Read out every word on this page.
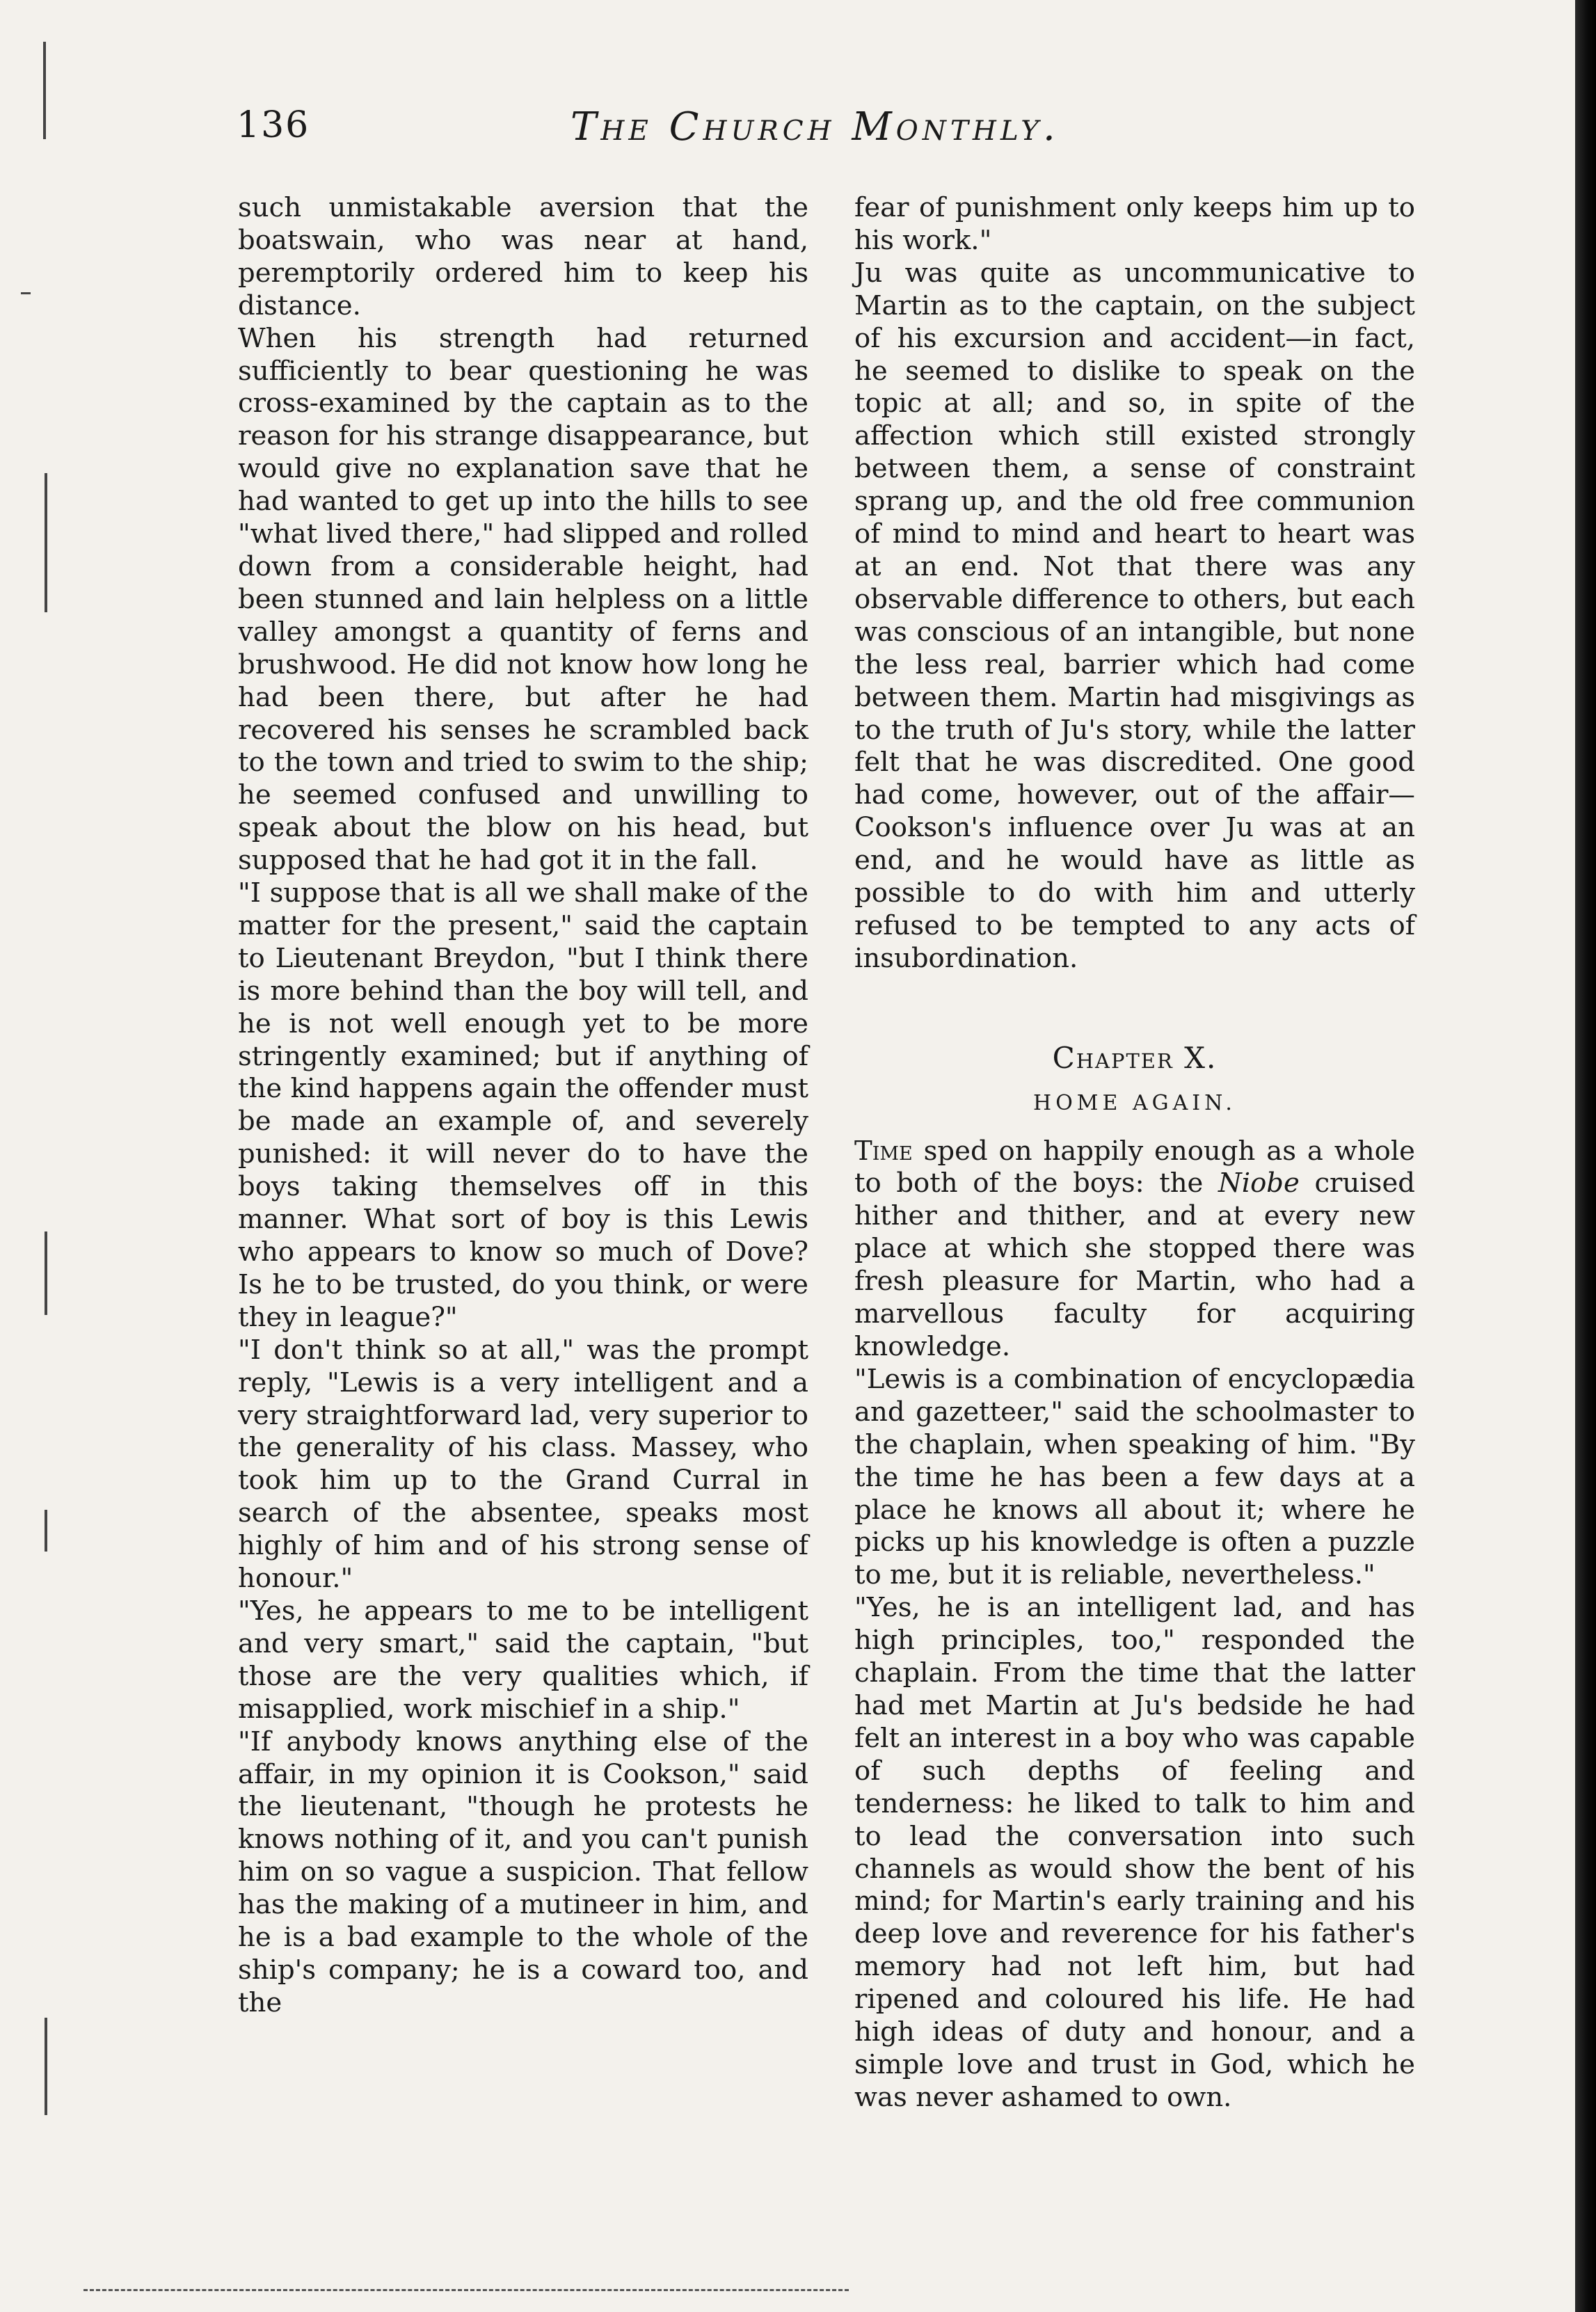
136	The Church Monthly.

such unmistakable aversion that the boatswain, who was near at hand, peremptorily ordered him to keep his distance.

When his strength had returned sufficiently to bear questioning he was cross-examined by the captain as to the reason for his strange disappearance, but would give no explanation save that he had wanted to get up into the hills to see "what lived there," had slipped and rolled down from a considerable height, had been stunned and lain helpless on a little valley amongst a quantity of ferns and brushwood. He did not know how long he had been there, but after he had recovered his senses he scrambled back to the town and tried to swim to the ship; he seemed confused and unwilling to speak about the blow on his head, but supposed that he had got it in the fall.

"I suppose that is all we shall make of the matter for the present," said the captain to Lieutenant Breydon, "but I think there is more behind than the boy will tell, and he is not well enough yet to be more stringently examined; but if anything of the kind happens again the offender must be made an example of, and severely punished: it will never do to have the boys taking themselves off in this manner. What sort of boy is this Lewis who appears to know so much of Dove? Is he to be trusted, do you think, or were they in league?"

"I don't think so at all," was the prompt reply, "Lewis is a very intelligent and a very straightforward lad, very superior to the generality of his class. Massey, who took him up to the Grand Curral in search of the absentee, speaks most highly of him and of his strong sense of honour."

"Yes, he appears to me to be intelligent and very smart," said the captain, "but those are the very qualities which, if misapplied, work mischief in a ship."

"If anybody knows anything else of the affair, in my opinion it is Cookson," said the lieutenant, "though he protests he knows nothing of it, and you can't punish him on so vague a suspicion. That fellow has the making of a mutineer in him, and he is a bad example to the whole of the ship's company; he is a coward too, and the

fear of punishment only keeps him up to his work."

Ju was quite as uncommunicative to Martin as to the captain, on the subject of his excursion and accident—in fact, he seemed to dislike to speak on the topic at all; and so, in spite of the affection which still existed strongly between them, a sense of constraint sprang up, and the old free communion of mind to mind and heart to heart was at an end. Not that there was any observable difference to others, but each was conscious of an intangible, but none the less real, barrier which had come between them. Martin had misgivings as to the truth of Ju's story, while the latter felt that he was discredited. One good had come, however, out of the affair—Cookson's influence over Ju was at an end, and he would have as little as possible to do with him and utterly refused to be tempted to any acts of insubordination.

Chapter X.
HOME AGAIN.

Time sped on happily enough as a whole to both of the boys: the Niobe cruised hither and thither, and at every new place at which she stopped there was fresh pleasure for Martin, who had a marvellous faculty for acquiring knowledge.

"Lewis is a combination of encyclopædia and gazetteer," said the schoolmaster to the chaplain, when speaking of him. "By the time he has been a few days at a place he knows all about it; where he picks up his knowledge is often a puzzle to me, but it is reliable, nevertheless."

"Yes, he is an intelligent lad, and has high principles, too," responded the chaplain. From the time that the latter had met Martin at Ju's bedside he had felt an interest in a boy who was capable of such depths of feeling and tenderness: he liked to talk to him and to lead the conversation into such channels as would show the bent of his mind; for Martin's early training and his deep love and reverence for his father's memory had not left him, but had ripened and coloured his life. He had high ideas of duty and honour, and a simple love and trust in God, which he was never ashamed to own.
